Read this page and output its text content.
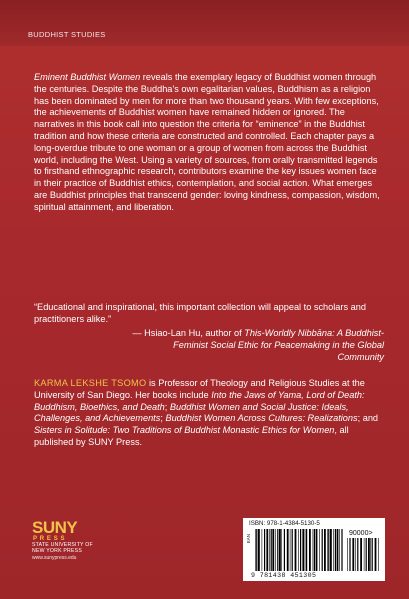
BUDDHIST STUDIES
Eminent Buddhist Women reveals the exemplary legacy of Buddhist women through the centuries. Despite the Buddha’s own egalitarian values, Buddhism as a religion has been dominated by men for more than two thousand years. With few exceptions, the achievements of Buddhist women have remained hidden or ignored. The narratives in this book call into question the criteria for “eminence” in the Buddhist tradition and how these criteria are constructed and controlled. Each chapter pays a long-overdue tribute to one woman or a group of women from across the Buddhist world, including the West. Using a variety of sources, from orally transmitted legends to firsthand ethnographic research, contributors examine the key issues women face in their practice of Buddhist ethics, contemplation, and social action. What emerges are Buddhist principles that transcend gender: loving kindness, compassion, wisdom, spiritual attainment, and liberation.
“Educational and inspirational, this important collection will appeal to scholars and practitioners alike.”
— Hsiao-Lan Hu, author of This-Worldly Nibbāna: A Buddhist-Feminist Social Ethic for Peacemaking in the Global Community
KARMA LEKSHE TSOMO is Professor of Theology and Religious Studies at the University of San Diego. Her books include Into the Jaws of Yama, Lord of Death: Buddhism, Bioethics, and Death; Buddhist Women and Social Justice: Ideals, Challenges, and Achievements; Buddhist Women Across Cultures: Realizations; and Sisters in Solitude: Two Traditions of Buddhist Monastic Ethics for Women, all published by SUNY Press.
SUNY
PRESS
STATE UNIVERSITY OF
NEW YORK PRESS
www.sunypress.edu
ISBN: 978-1-4384-5130-5
EAN
90000>
9 781438 451305
